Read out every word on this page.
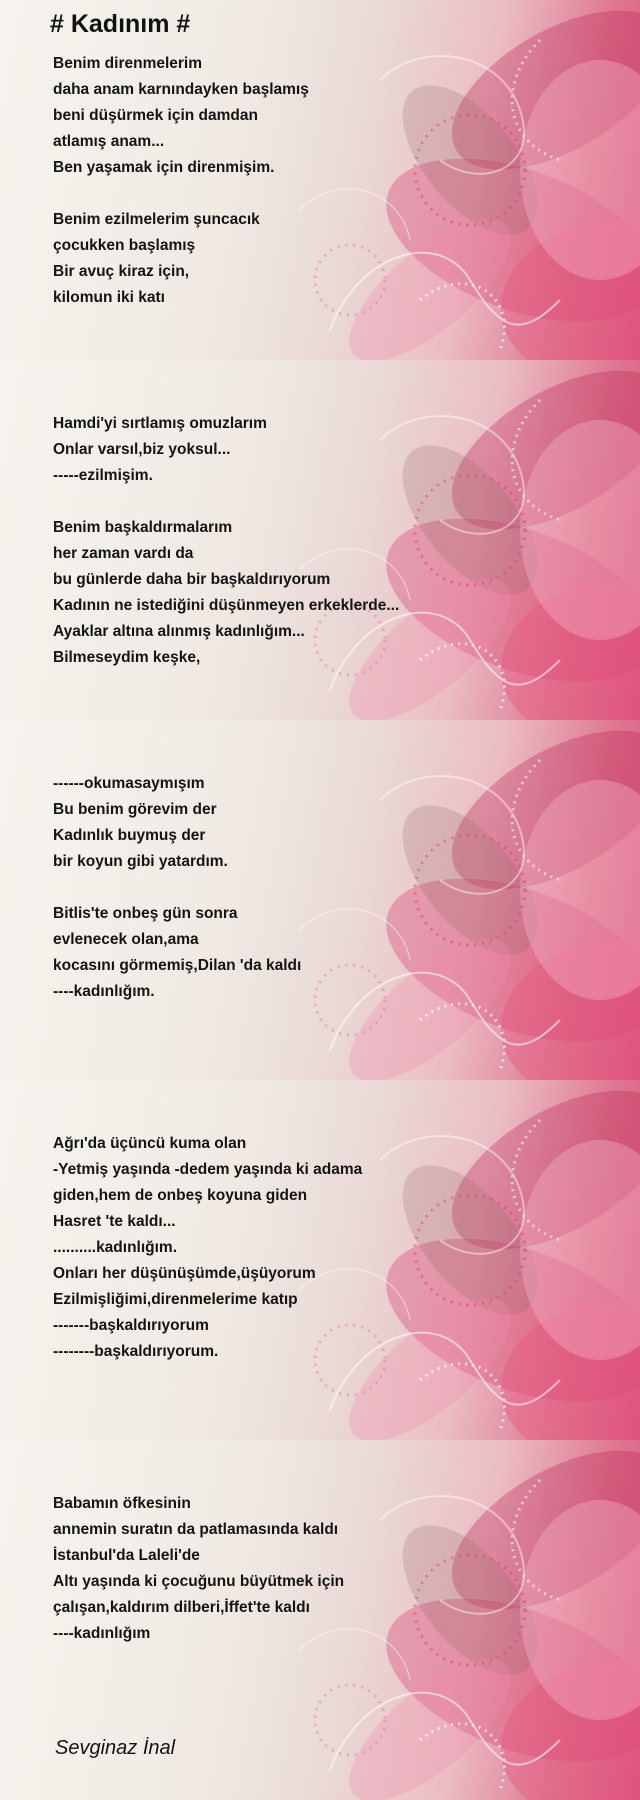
# Kadınım #
Benim direnmelerim
daha anam karnındayken başlamış
beni düşürmek için damdan
atlamış anam...
Ben yaşamak için direnmişim.
Benim ezilmelerim şuncacık
çocukken başlamış
Bir avuç kiraz için,
kilomun iki katı
Hamdi'yi sırtlamış omuzlarım
Onlar varsıl,biz yoksul...
-----ezilmişim.
Benim başkaldırmalarım
her zaman vardı da
bu günlerde daha bir başkaldırıyorum
Kadının ne istediğini düşünmeyen erkeklerde...
Ayaklar altına alınmış kadınlığım...
Bilmeseydim keşke,
------okumasaymışım
Bu benim görevim der
Kadınlık buymuş der
bir koyun gibi yatardım.
Bitlis'te onbeş gün sonra
evlenecek olan,ama
kocasını görmemiş,Dilan 'da kaldı
----kadınlığım.
Ağrı'da üçüncü kuma olan
-Yetmiş yaşında -dedem yaşında ki adama
giden,hem de onbeş koyuna giden
Hasret 'te kaldı...
..........kadınlığım.
Onları her düşünüşümde,üşüyorum
Ezilmişliğimi,direnmelerime katıp
-------başkaldırıyorum
--------başkaldırıyorum.
Babamın öfkesinin
annemin suratın da patlamasında kaldı
İstanbul'da Laleli'de
Altı yaşında ki çocuğunu büyütmek için
çalışan,kaldırım dilberi,İffet'te kaldı
----kadınlığım
Sevginaz İnal
